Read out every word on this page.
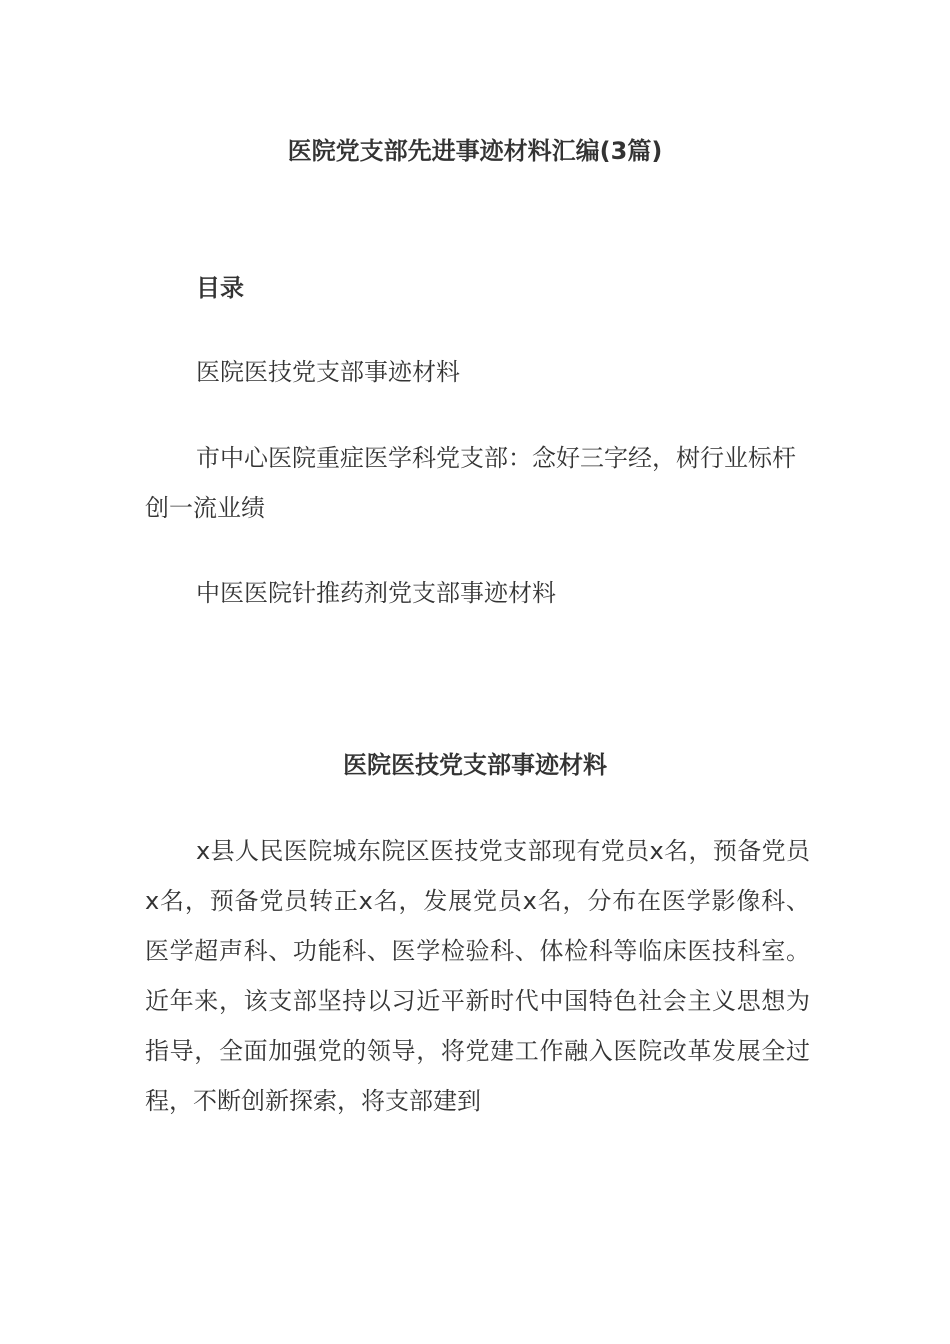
医院党支部先进事迹材料汇编(3篇)
目录
医院医技党支部事迹材料
市中心医院重症医学科党支部：念好三字经，树行业标杆创一流业绩
中医医院针推药剂党支部事迹材料
医院医技党支部事迹材料
x县人民医院城东院区医技党支部现有党员x名，预备党员x名，预备党员转正x名，发展党员x名，分布在医学影像科、医学超声科、功能科、医学检验科、体检科等临床医技科室。近年来，该支部坚持以习近平新时代中国特色社会主义思想为指导，全面加强党的领导，将党建工作融入医院改革发展全过程，不断创新探索，将支部建到
